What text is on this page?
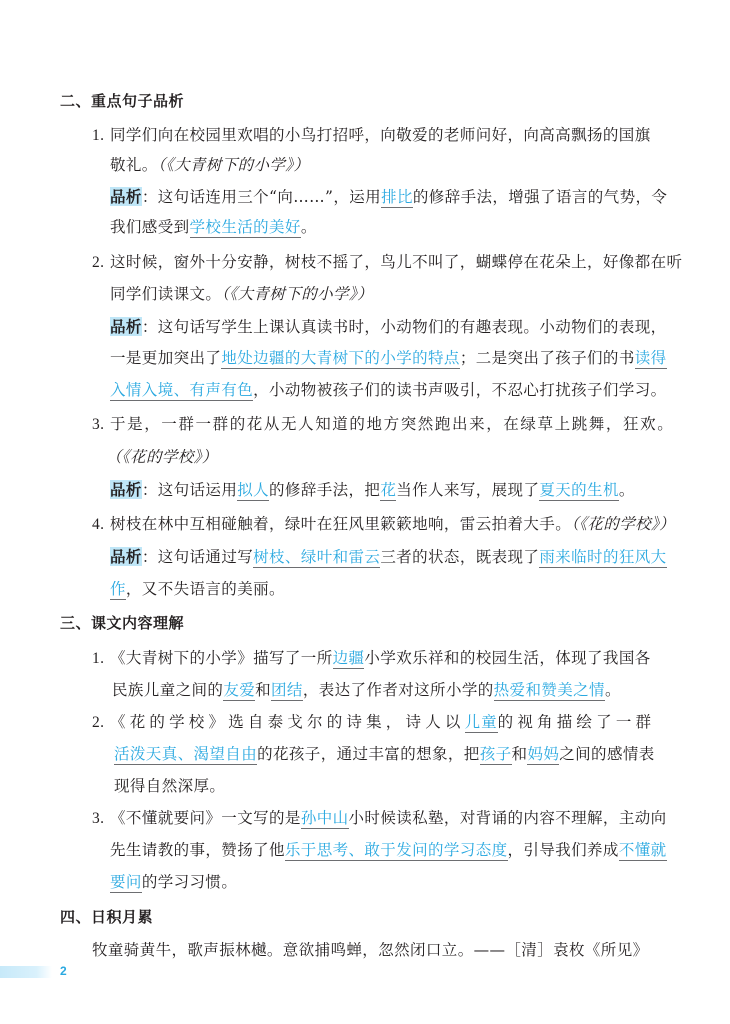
二、重点句子品析
1. 同学们向在校园里欢唱的小鸟打招呼，向敬爱的老师问好，向高高飘扬的国旗
敬礼。（《大青树下的小学》）
品析：这句话连用三个“向……”，运用排比的修辞手法，增强了语言的气势，令
我们感受到学校生活的美好。
2. 这时候，窗外十分安静，树枝不摇了，鸟儿不叫了，蝴蝶停在花朵上，好像都在听
同学们读课文。（《大青树下的小学》）
品析：这句话写学生上课认真读书时，小动物们的有趣表现。小动物们的表现，
一是更加突出了地处边疆的大青树下的小学的特点；二是突出了孩子们的书读得
入情入境、有声有色，小动物被孩子们的读书声吸引，不忍心打扰孩子们学习。
3. 于是，一群一群的花从无人知道的地方突然跑出来，在绿草上跳舞，狂欢。
（《花的学校》）
品析：这句话运用拟人的修辞手法，把花当作人来写，展现了夏天的生机。
4. 树枝在林中互相碰触着，绿叶在狂风里簌簌地响，雷云拍着大手。（《花的学校》）
品析：这句话通过写树枝、绿叶和雷云三者的状态，既表现了雨来临时的狂风大
作，又不失语言的美丽。
三、课文内容理解
1. 《大青树下的小学》描写了一所边疆小学欢乐祥和的校园生活，体现了我国各
民族儿童之间的友爱和团结，表达了作者对这所小学的热爱和赞美之情。
2. 《花的学校》选自泰戈尔的诗集，诗人以儿童的视角描绘了一群
活泼天真、渴望自由的花孩子，通过丰富的想象，把孩子和妈妈之间的感情表
现得自然深厚。
3. 《不懂就要问》一文写的是孙中山小时候读私塾，对背诵的内容不理解，主动向
先生请教的事，赞扬了他乐于思考、敢于发问的学习态度，引导我们养成不懂就
要问的学习习惯。
四、日积月累
牧童骑黄牛，歌声振林樾。意欲捕鸣蝉，忽然闭口立。——［清］袁枚《所见》
2
